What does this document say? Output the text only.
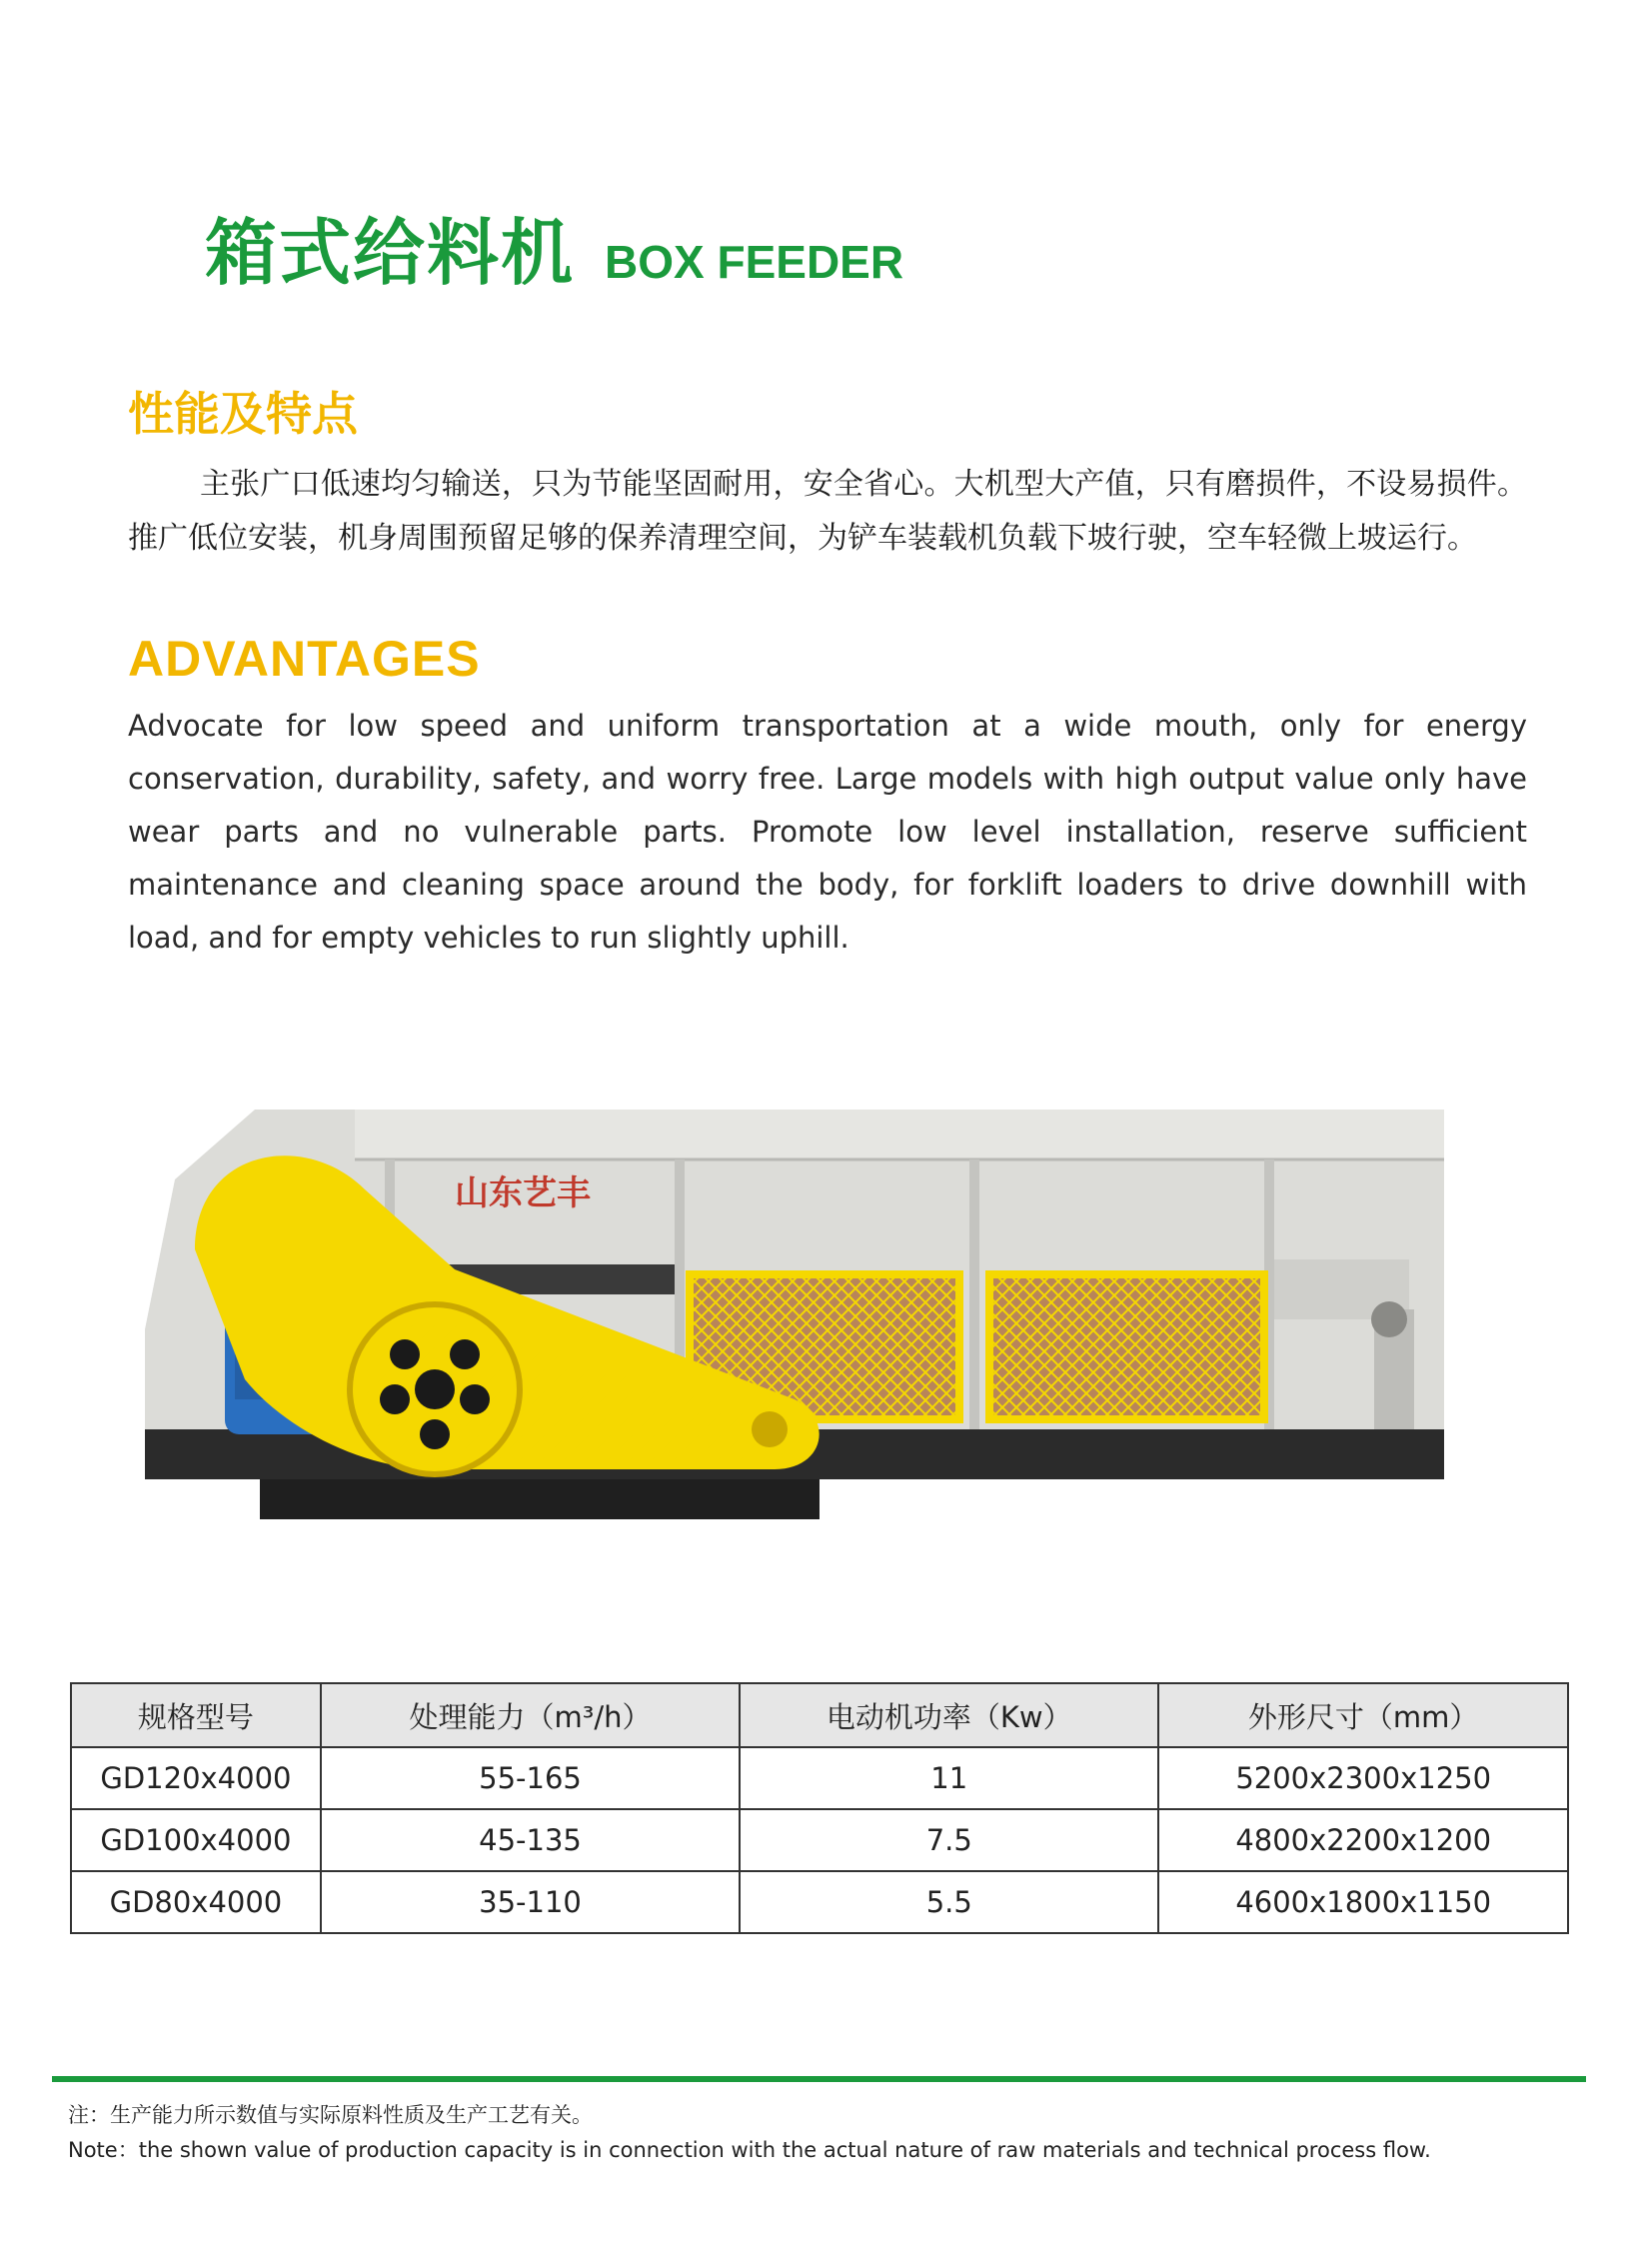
箱式给料机 BOX FEEDER
性能及特点

主张广口低速均匀输送，只为节能坚固耐用，安全省心。大机型大产值，只有磨损件，不设易损件。推广低位安装，机身周围预留足够的保养清理空间，为铲车装载机负载下坡行驶，空车轻微上坡运行。

ADVANTAGES

Advocate for low speed and uniform transportation at a wide mouth, only for energy conservation, durability, safety, and worry free. Large models with high output value only have wear parts and no vulnerable parts. Promote low level installation, reserve sufficient maintenance and cleaning space around the body, for forklift loaders to drive downhill with load, and for empty vehicles to run slightly uphill.

山东艺丰
规格型号	处理能力（m³/h）	电动机功率（Kw）	外形尺寸（mm）
GD120x4000	55-165	11	5200x2300x1250
GD100x4000	45-135	7.5	4800x2200x1200
GD80x4000	35-110	5.5	4600x1800x1150
注：生产能力所示数值与实际原料性质及生产工艺有关。
Note：the shown value of production capacity is in connection with the actual nature of raw materials and technical process flow.
